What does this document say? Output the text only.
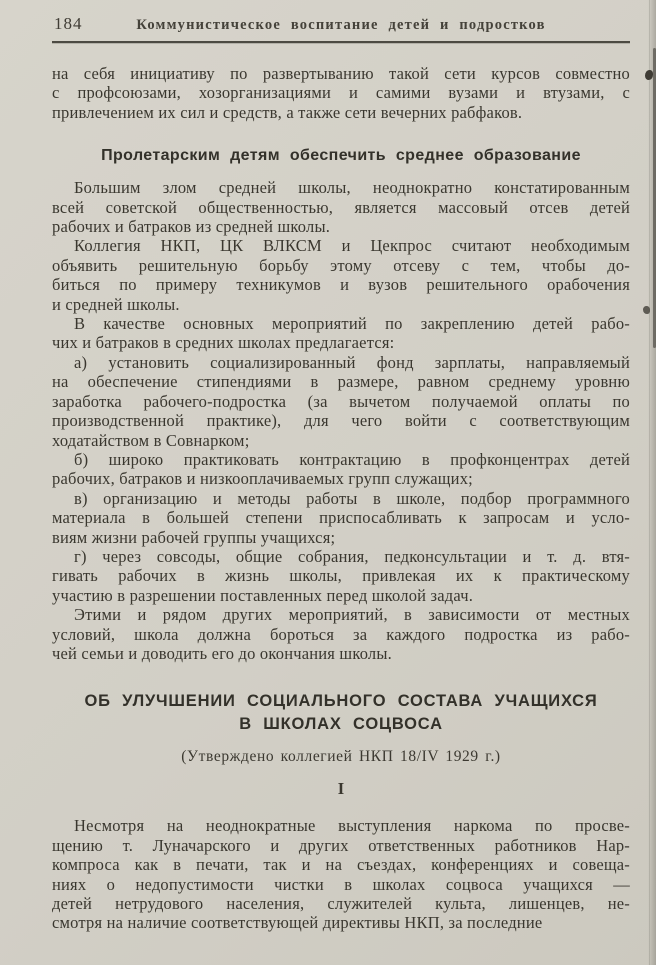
184	Коммунистическое воспитание детей и подростков
на себя инициативу по развертыванию такой сети курсов совместно
с профсоюзами, хозорганизациями и самими вузами и втузами, с
привлечением их сил и средств, а также сети вечерних рабфаков.
Пролетарским детям обеспечить среднее образование
Большим злом средней школы, неоднократно констатированным
всей советской общественностью, является массовый отсев детей
рабочих и батраков из средней школы.
Коллегия НКП, ЦК ВЛКСМ и Цекпрос считают необходимым
объявить решительную борьбу этому отсеву с тем, чтобы до-
биться по примеру техникумов и вузов решительного орабочения
и средней школы.
В качестве основных мероприятий по закреплению детей рабо-
чих и батраков в средних школах предлагается:
а) установить социализированный фонд зарплаты, направляемый
на обеспечение стипендиями в размере, равном среднему уровню
заработка рабочего-подростка (за вычетом получаемой оплаты по
производственной практике), для чего войти с соответствующим
ходатайством в Совнарком;
б) широко практиковать контрактацию в профконцентрах детей
рабочих, батраков и низкооплачиваемых групп служащих;
в) организацию и методы работы в школе, подбор программного
материала в большей степени приспосабливать к запросам и усло-
виям жизни рабочей группы учащихся;
г) через совсоды, общие собрания, педконсультации и т. д. втя-
гивать рабочих в жизнь школы, привлекая их к практическому
участию в разрешении поставленных перед школой задач.
Этими и рядом других мероприятий, в зависимости от местных
условий, школа должна бороться за каждого подростка из рабо-
чей семьи и доводить его до окончания школы.
ОБ УЛУЧШЕНИИ СОЦИАЛЬНОГО СОСТАВА УЧАЩИХСЯ
В ШКОЛАХ СОЦВОСА
(Утверждено коллегией НКП 18/IV 1929 г.)
I
Несмотря на неоднократные выступления наркома по просве-
щению т. Луначарского и других ответственных работников Нар-
компроса как в печати, так и на съездах, конференциях и совеща-
ниях о недопустимости чистки в школах соцвоса учащихся —
детей нетрудового населения, служителей культа, лишенцев, не-
смотря на наличие соответствующей директивы НКП, за последние
